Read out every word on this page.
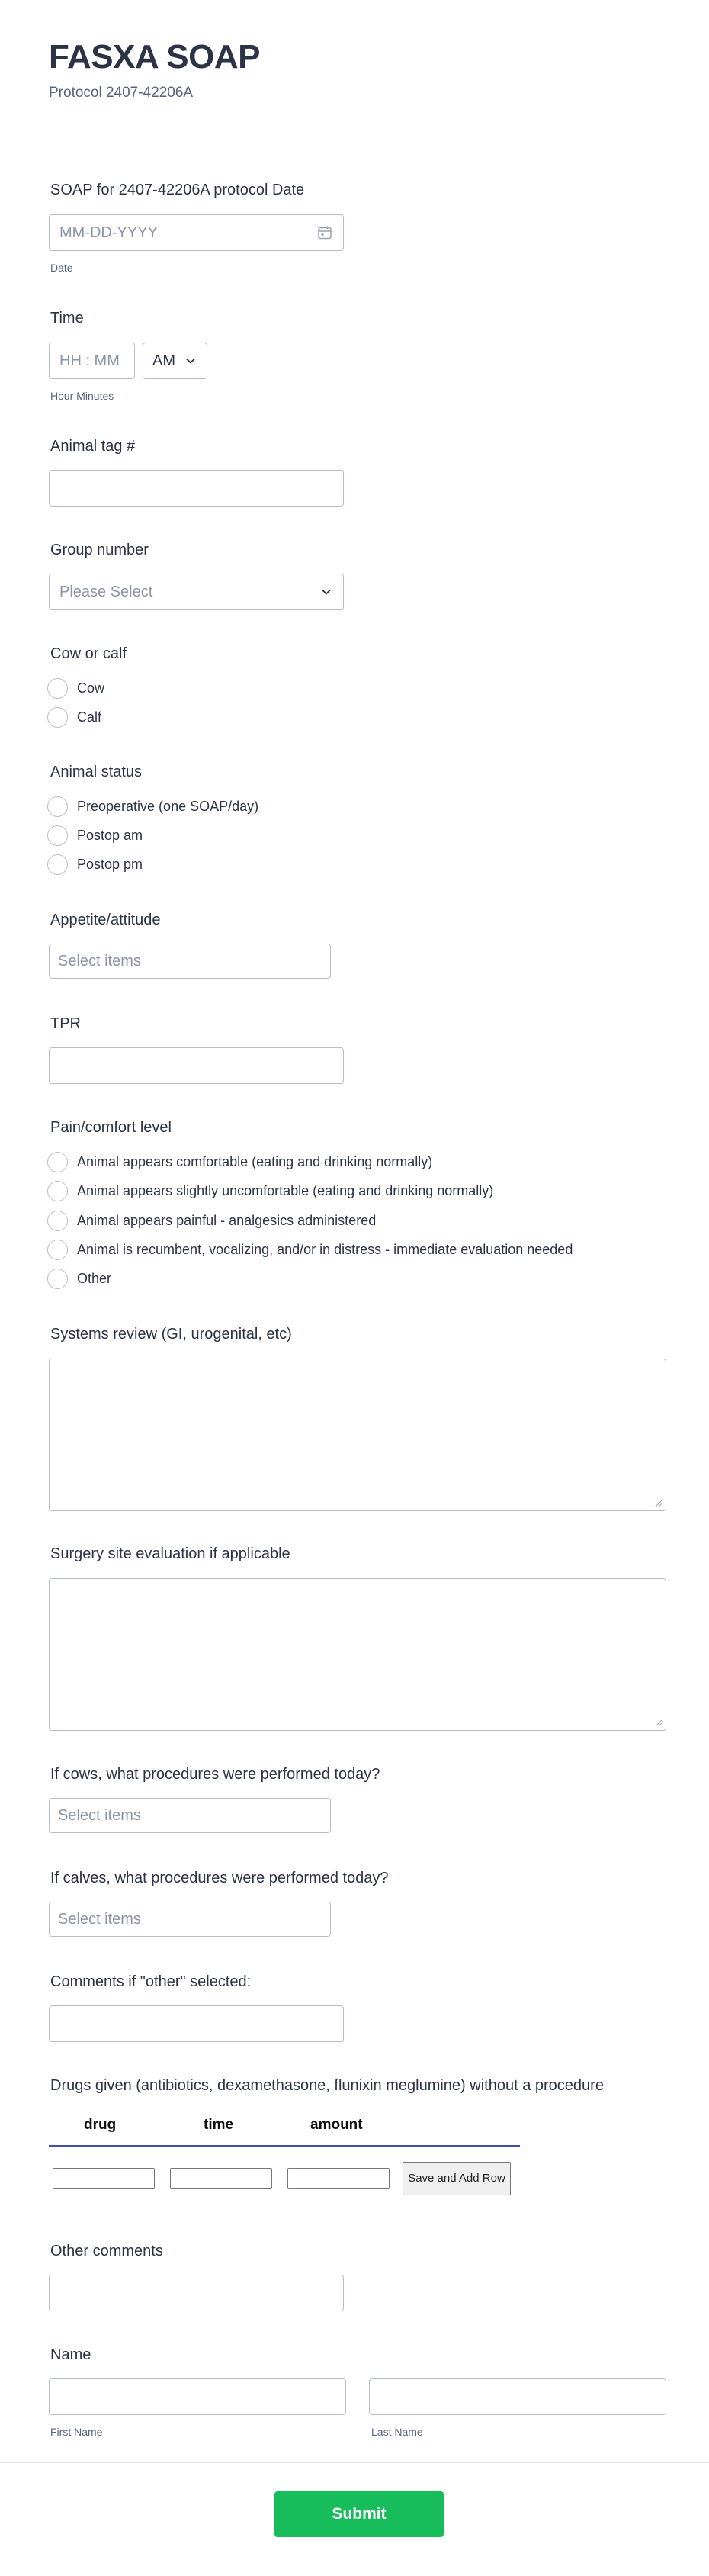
FASXA SOAP
Protocol 2407-42206A
SOAP for 2407-42206A protocol Date
MM-DD-YYYY
Date
Time
HH : MM AM
Hour Minutes
Animal tag #
Group number
Please Select
Cow or calf
Cow
Calf
Animal status
Preoperative (one SOAP/day)
Postop am
Postop pm
Appetite/attitude
Select items
TPR
Pain/comfort level
Animal appears comfortable (eating and drinking normally)
Animal appears slightly uncomfortable (eating and drinking normally)
Animal appears painful - analgesics administered
Animal is recumbent, vocalizing, and/or in distress - immediate evaluation needed
Other
Systems review (GI, urogenital, etc)
Surgery site evaluation if applicable
If cows, what procedures were performed today?
Select items
If calves, what procedures were performed today?
Select items
Comments if "other" selected:
Drugs given (antibiotics, dexamethasone, flunixin meglumine) without a procedure
drug	time	amount
Save and Add Row
Other comments
Name
First Name	Last Name
Submit
